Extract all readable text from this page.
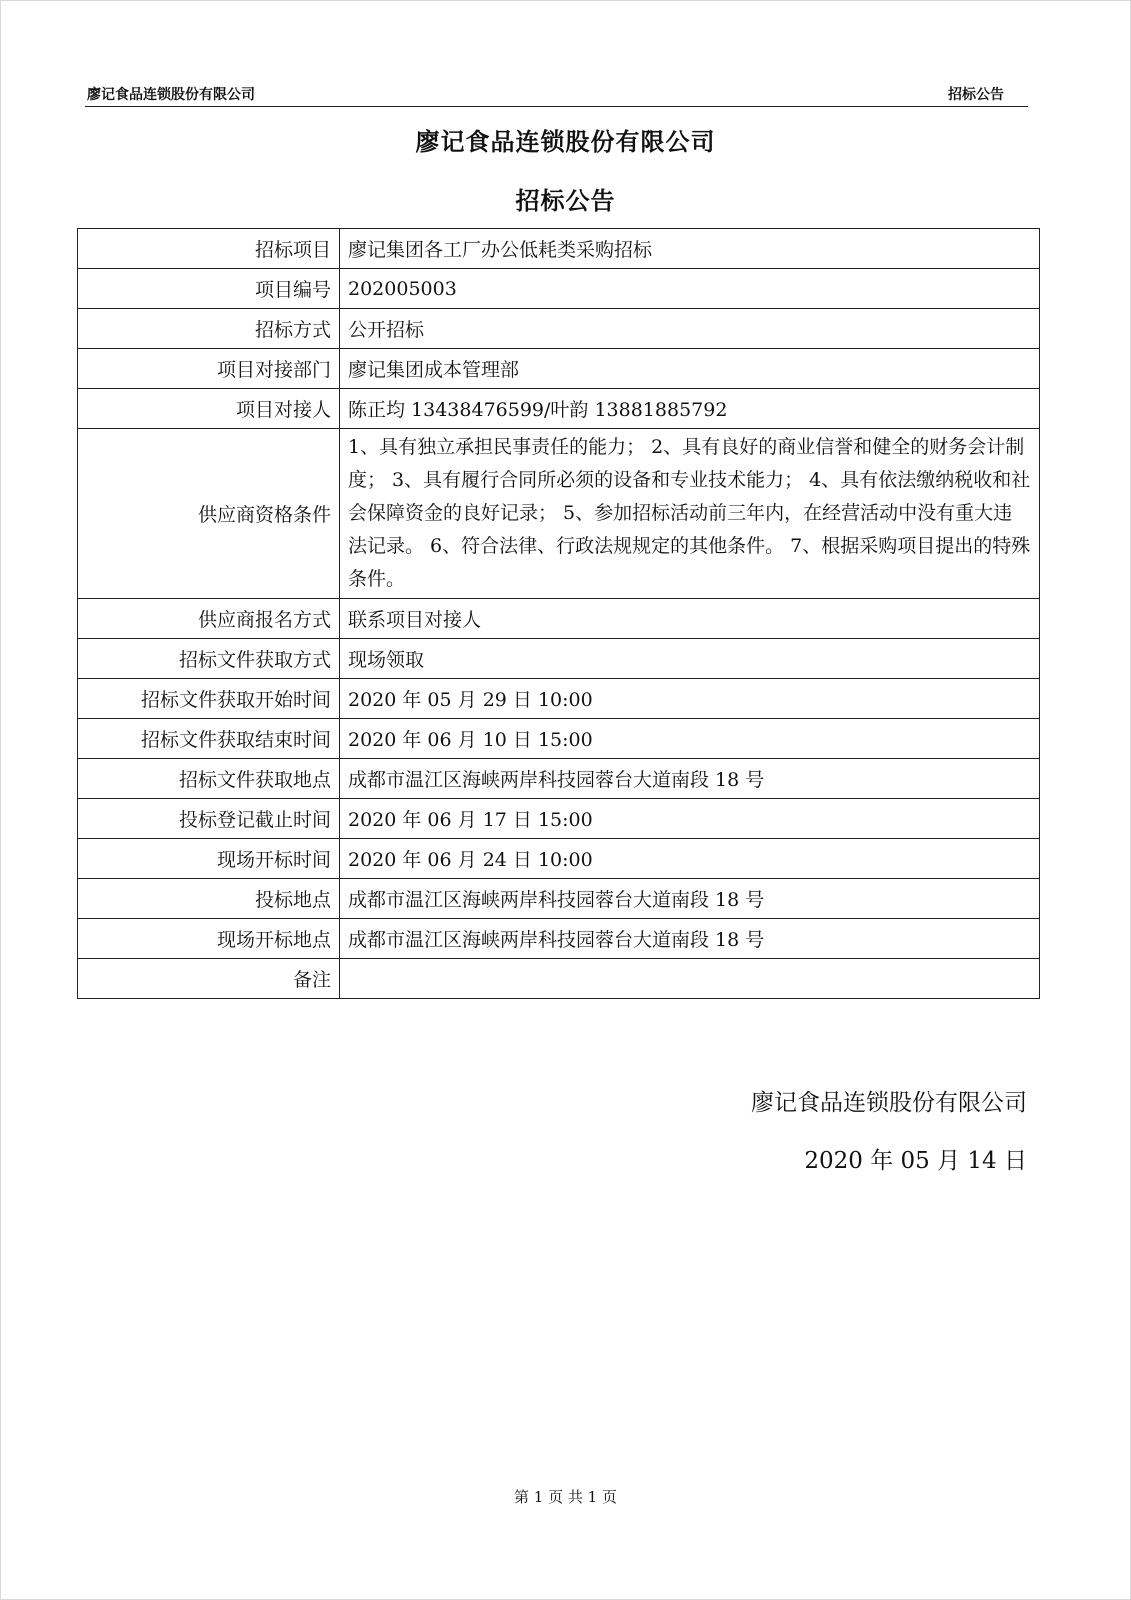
廖记食品连锁股份有限公司	招标公告
廖记食品连锁股份有限公司
招标公告
招标项目	廖记集团各工厂办公低耗类采购招标
项目编号	202005003
招标方式	公开招标
项目对接部门	廖记集团成本管理部
项目对接人	陈正均 13438476599/叶韵 13881885792
供应商资格条件	1、具有独立承担民事责任的能力； 2、具有良好的商业信誉和健全的财务会计制度； 3、具有履行合同所必须的设备和专业技术能力； 4、具有依法缴纳税收和社会保障资金的良好记录； 5、参加招标活动前三年内，在经营活动中没有重大违法记录。 6、符合法律、行政法规规定的其他条件。 7、根据采购项目提出的特殊条件。
供应商报名方式	联系项目对接人
招标文件获取方式	现场领取
招标文件获取开始时间	2020 年 05 月 29 日 10:00
招标文件获取结束时间	2020 年 06 月 10 日 15:00
招标文件获取地点	成都市温江区海峡两岸科技园蓉台大道南段 18 号
投标登记截止时间	2020 年 06 月 17 日 15:00
现场开标时间	2020 年 06 月 24 日 10:00
投标地点	成都市温江区海峡两岸科技园蓉台大道南段 18 号
现场开标地点	成都市温江区海峡两岸科技园蓉台大道南段 18 号
备注	
廖记食品连锁股份有限公司
2020 年 05 月 14 日
第 1 页 共 1 页
